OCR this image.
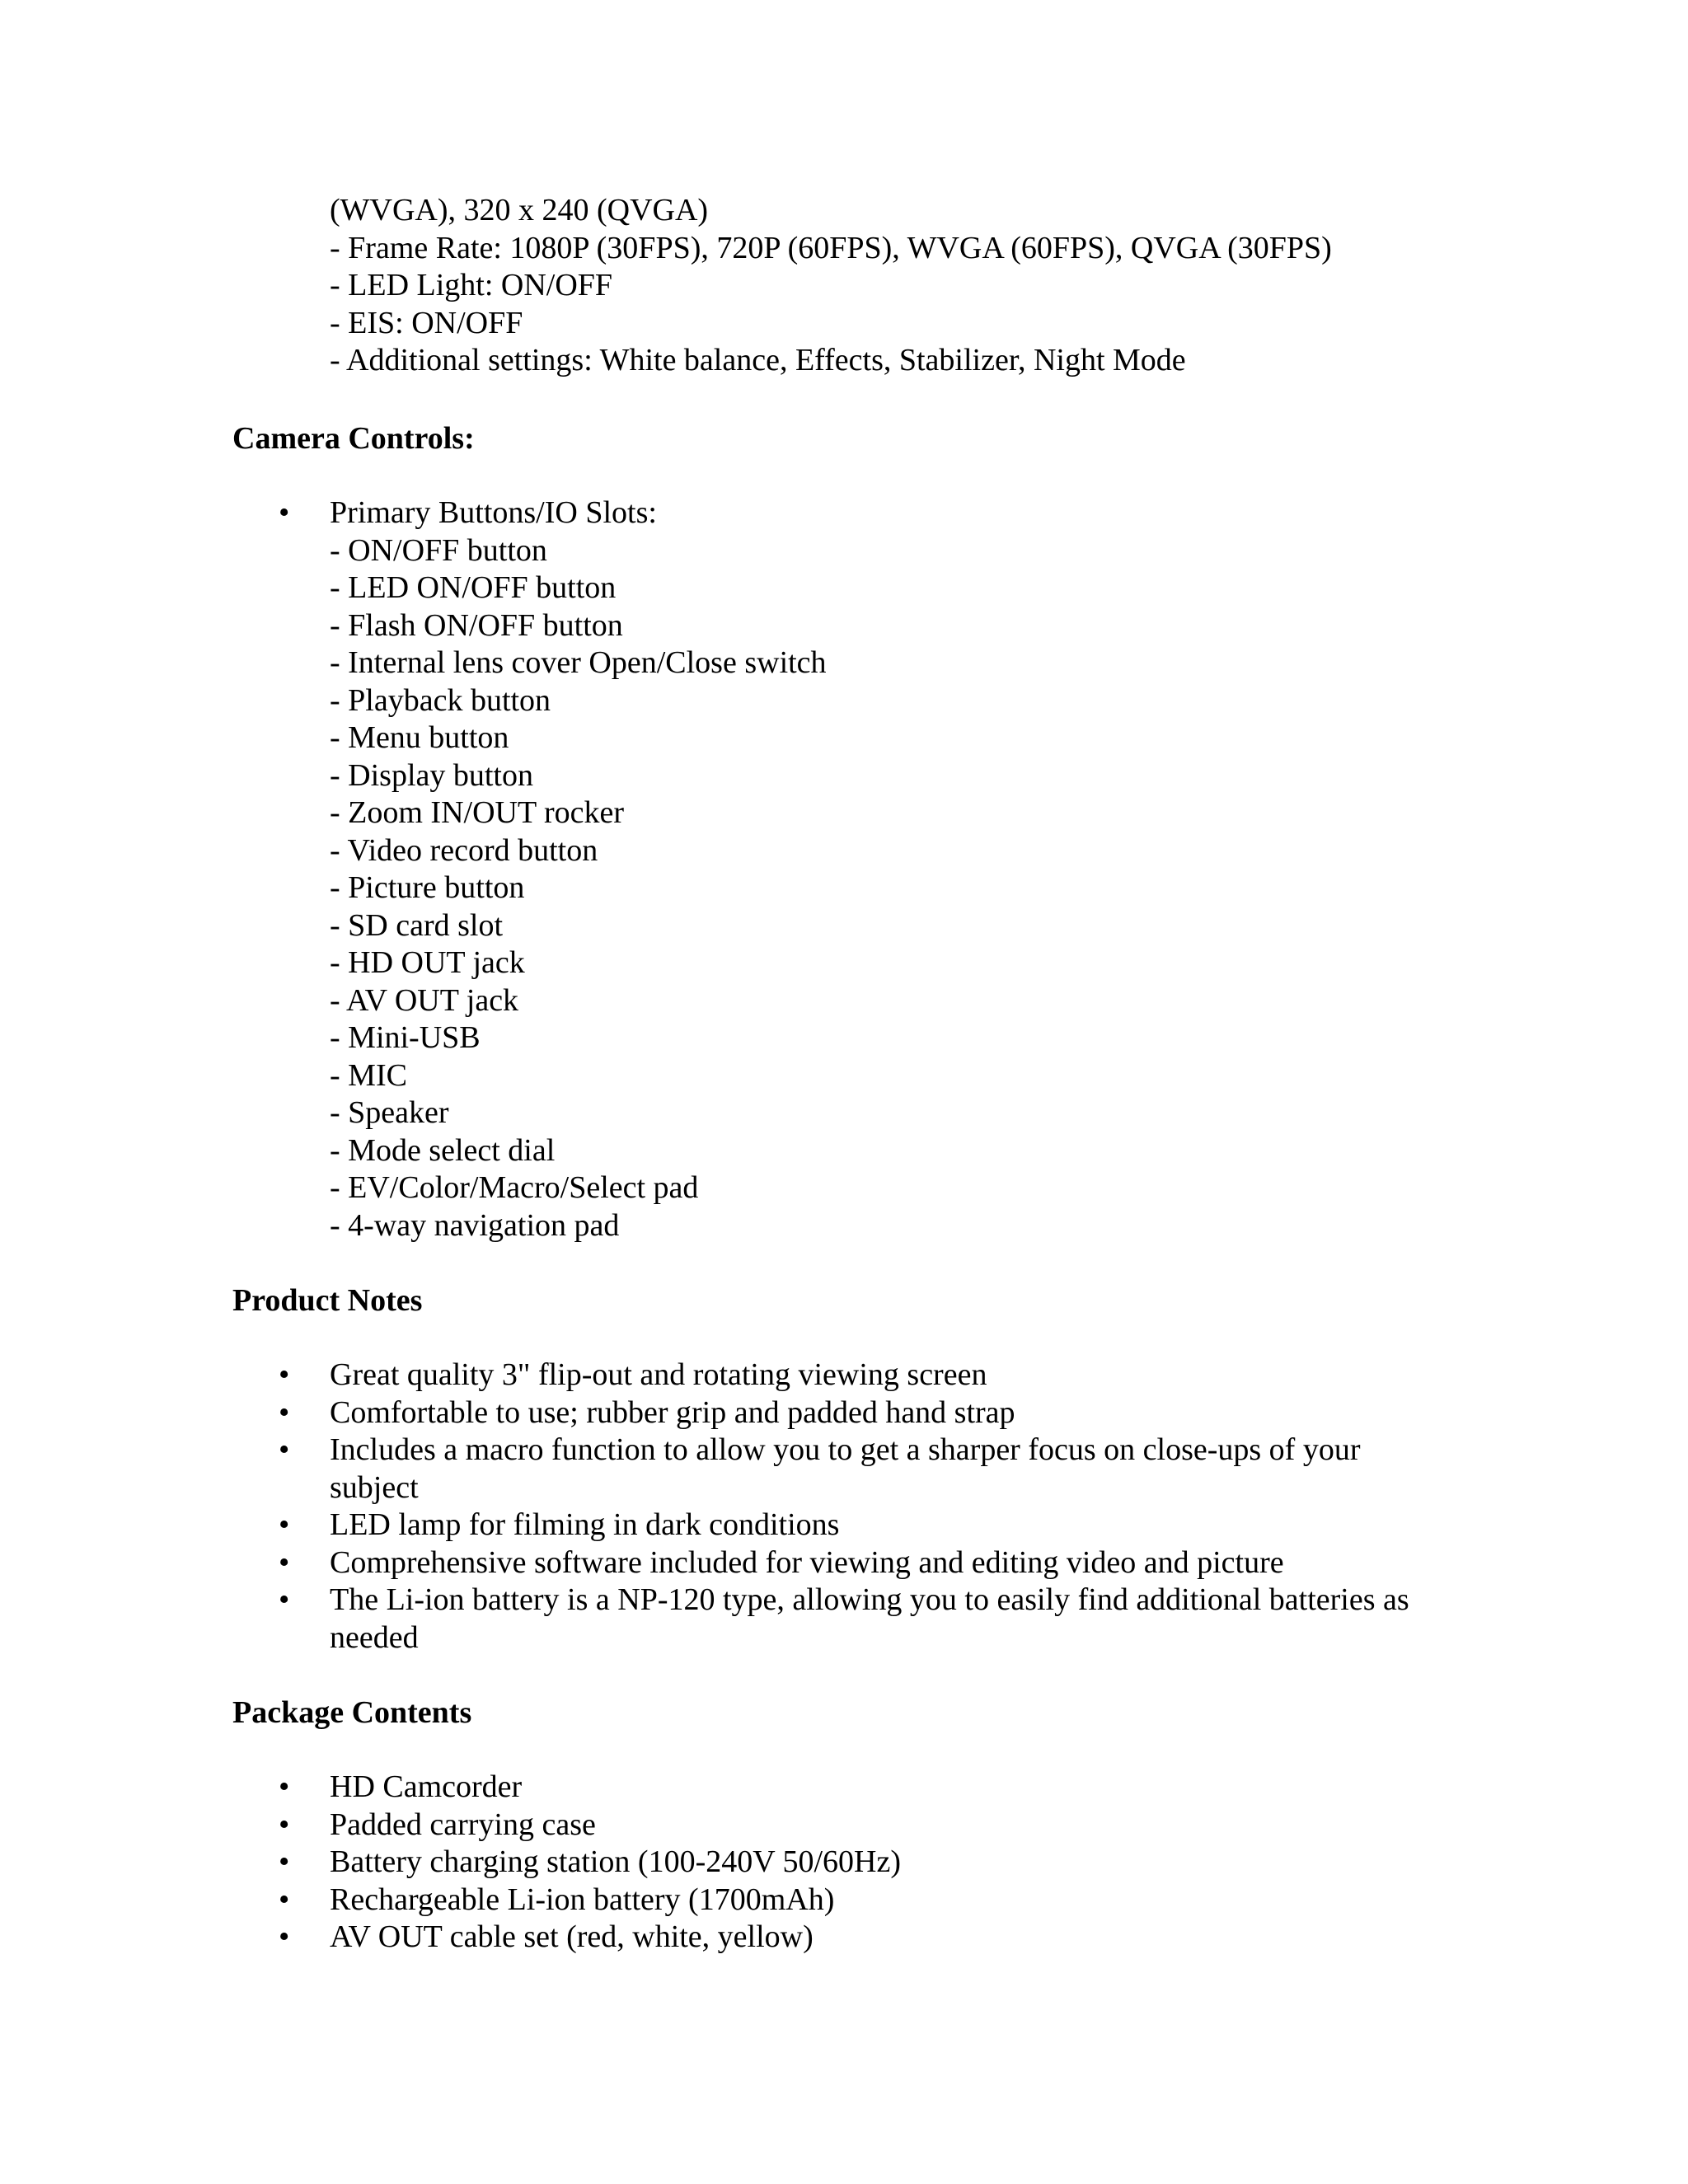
(WVGA), 320 x 240 (QVGA)
- Frame Rate: 1080P (30FPS), 720P (60FPS), WVGA (60FPS), QVGA (30FPS)
- LED Light: ON/OFF
- EIS: ON/OFF
- Additional settings: White balance, Effects, Stabilizer, Night Mode
Camera Controls:
• Primary Buttons/IO Slots:
- ON/OFF button
- LED ON/OFF button
- Flash ON/OFF button
- Internal lens cover Open/Close switch
- Playback button
- Menu button
- Display button
- Zoom IN/OUT rocker
- Video record button
- Picture button
- SD card slot
- HD OUT jack
- AV OUT jack
- Mini-USB
- MIC
- Speaker
- Mode select dial
- EV/Color/Macro/Select pad
- 4-way navigation pad
Product Notes
• Great quality 3" flip-out and rotating viewing screen
• Comfortable to use; rubber grip and padded hand strap
• Includes a macro function to allow you to get a sharper focus on close-ups of your subject
• LED lamp for filming in dark conditions
• Comprehensive software included for viewing and editing video and picture
• The Li-ion battery is a NP-120 type, allowing you to easily find additional batteries as needed
Package Contents
• HD Camcorder
• Padded carrying case
• Battery charging station (100-240V 50/60Hz)
• Rechargeable Li-ion battery (1700mAh)
• AV OUT cable set (red, white, yellow)
